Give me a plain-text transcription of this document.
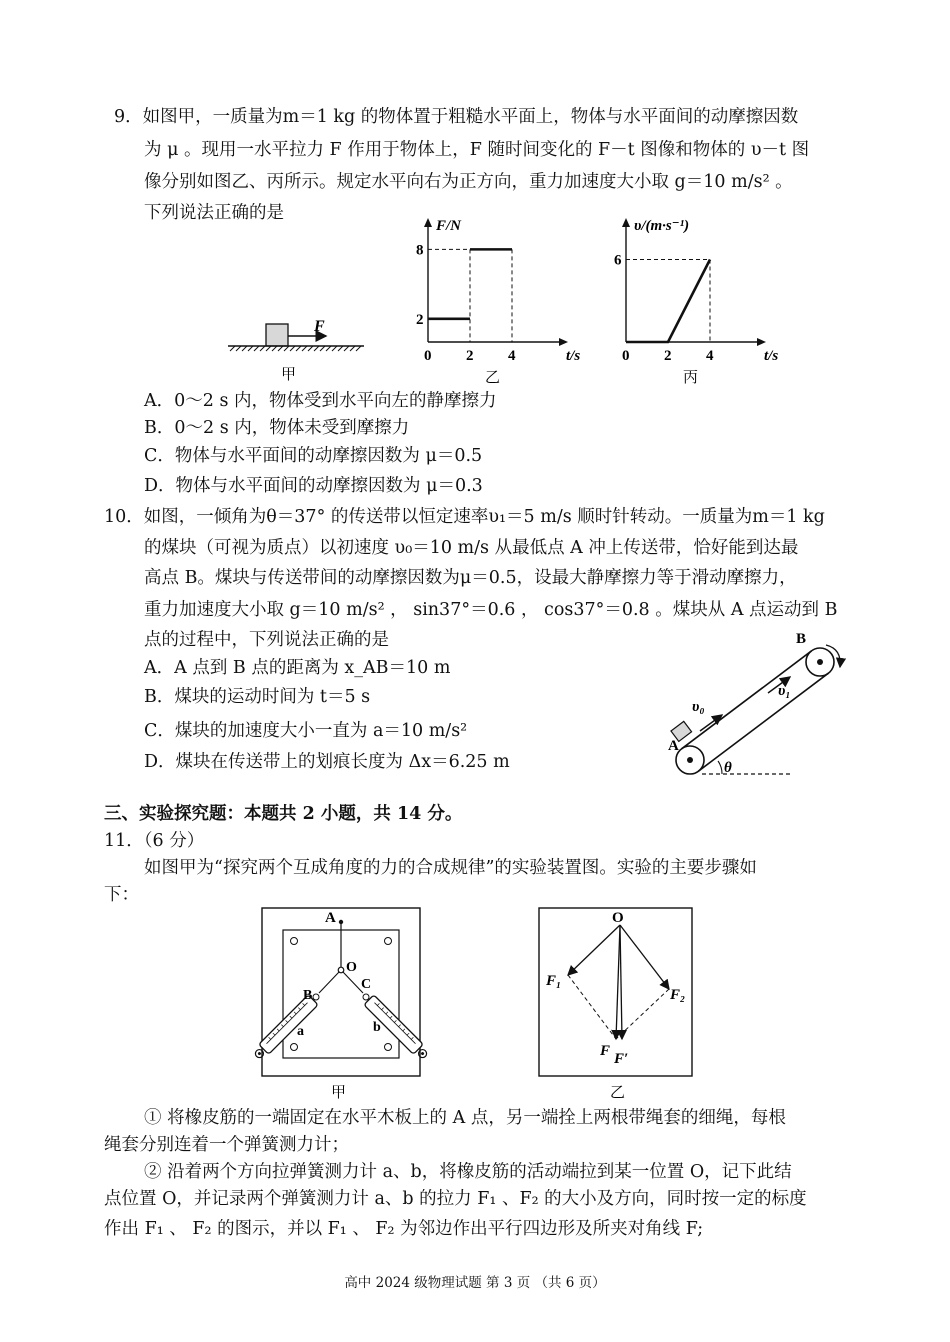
9．如图甲，一质量为m＝1 kg 的物体置于粗糙水平面上，物体与水平面间的动摩擦因数
为 μ 。现用一水平拉力 F 作用于物体上，F 随时间变化的 F－t 图像和物体的 υ－t 图
像分别如图乙、丙所示。规定水平向右为正方向，重力加速度大小取 g＝10 m/s² 。
下列说法正确的是
F
甲
F/N
t/s
0 2 4
2
8
乙
υ/(m·s⁻¹)
t/s
0 2 4
6
丙
A．0～2 s 内，物体受到水平向左的静摩擦力
B．0～2 s 内，物体未受到摩擦力
C．物体与水平面间的动摩擦因数为 μ＝0.5
D．物体与水平面间的动摩擦因数为 μ＝0.3
10．如图，一倾角为θ＝37° 的传送带以恒定速率υ₁＝5 m/s 顺时针转动。一质量为m＝1 kg
的煤块（可视为质点）以初速度 υ₀＝10 m/s 从最低点 A 冲上传送带，恰好能到达最
高点 B。煤块与传送带间的动摩擦因数为μ＝0.5，设最大静摩擦力等于滑动摩擦力，
重力加速度大小取 g＝10 m/s² ， sin37°＝0.6 ， cos37°＝0.8 。煤块从 A 点运动到 B
点的过程中，下列说法正确的是
A．A 点到 B 点的距离为 x_AB＝10 m
B．煤块的运动时间为 t＝5 s
C．煤块的加速度大小一直为 a＝10 m/s²
D．煤块在传送带上的划痕长度为 Δx＝6.25 m
υ₀
υ₁
B
A
θ
三、实验探究题：本题共 2 小题，共 14 分。
11．（6 分）
如图甲为“探究两个互成角度的力的合成规律”的实验装置图。实验的主要步骤如
下：
A
O
B
C
a	b
甲
O
F₁
F₂
F F′
乙
① 将橡皮筋的一端固定在水平木板上的 A 点，另一端拴上两根带绳套的细绳，每根
绳套分别连着一个弹簧测力计；
② 沿着两个方向拉弹簧测力计 a、b，将橡皮筋的活动端拉到某一位置 O，记下此结
点位置 O，并记录两个弹簧测力计 a、b 的拉力 F₁ 、F₂ 的大小及方向，同时按一定的标度
作出 F₁ 、 F₂ 的图示，并以 F₁ 、 F₂ 为邻边作出平行四边形及所夹对角线 F;
高中 2024 级物理试题 第 3 页 （共 6 页）
